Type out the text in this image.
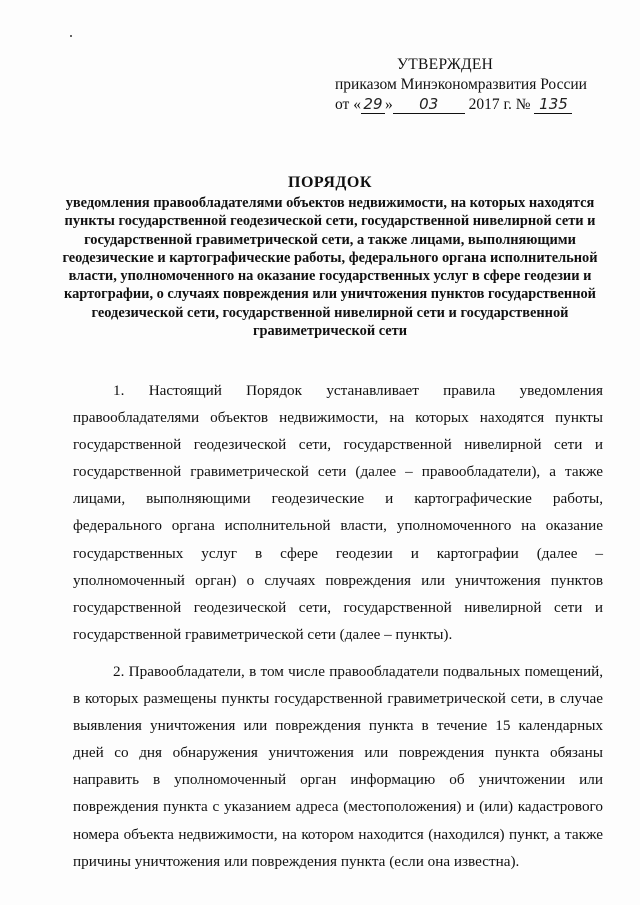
УТВЕРЖДЕН
приказом Минэкономразвития России
от « 29 » 03 2017 г. № 135
ПОРЯДОК
уведомления правообладателями объектов недвижимости, на которых находятся пункты государственной геодезической сети, государственной нивелирной сети и государственной гравиметрической сети, а также лицами, выполняющими геодезические и картографические работы, федерального органа исполнительной власти, уполномоченного на оказание государственных услуг в сфере геодезии и картографии, о случаях повреждения или уничтожения пунктов государственной геодезической сети, государственной нивелирной сети и государственной гравиметрической сети

1. Настоящий Порядок устанавливает правила уведомления правообладателями объектов недвижимости, на которых находятся пункты государственной геодезической сети, государственной нивелирной сети и государственной гравиметрической сети (далее – правообладатели), а также лицами, выполняющими геодезические и картографические работы, федерального органа исполнительной власти, уполномоченного на оказание государственных услуг в сфере геодезии и картографии (далее – уполномоченный орган) о случаях повреждения или уничтожения пунктов государственной геодезической сети, государственной нивелирной сети и государственной гравиметрической сети (далее – пункты).

2. Правообладатели, в том числе правообладатели подвальных помещений, в которых размещены пункты государственной гравиметрической сети, в случае выявления уничтожения или повреждения пункта в течение 15 календарных дней со дня обнаружения уничтожения или повреждения пункта обязаны направить в уполномоченный орган информацию об уничтожении или повреждения пункта с указанием адреса (местоположения) и (или) кадастрового номера объекта недвижимости, на котором находится (находился) пункт, а также причины уничтожения или повреждения пункта (если она известна).
